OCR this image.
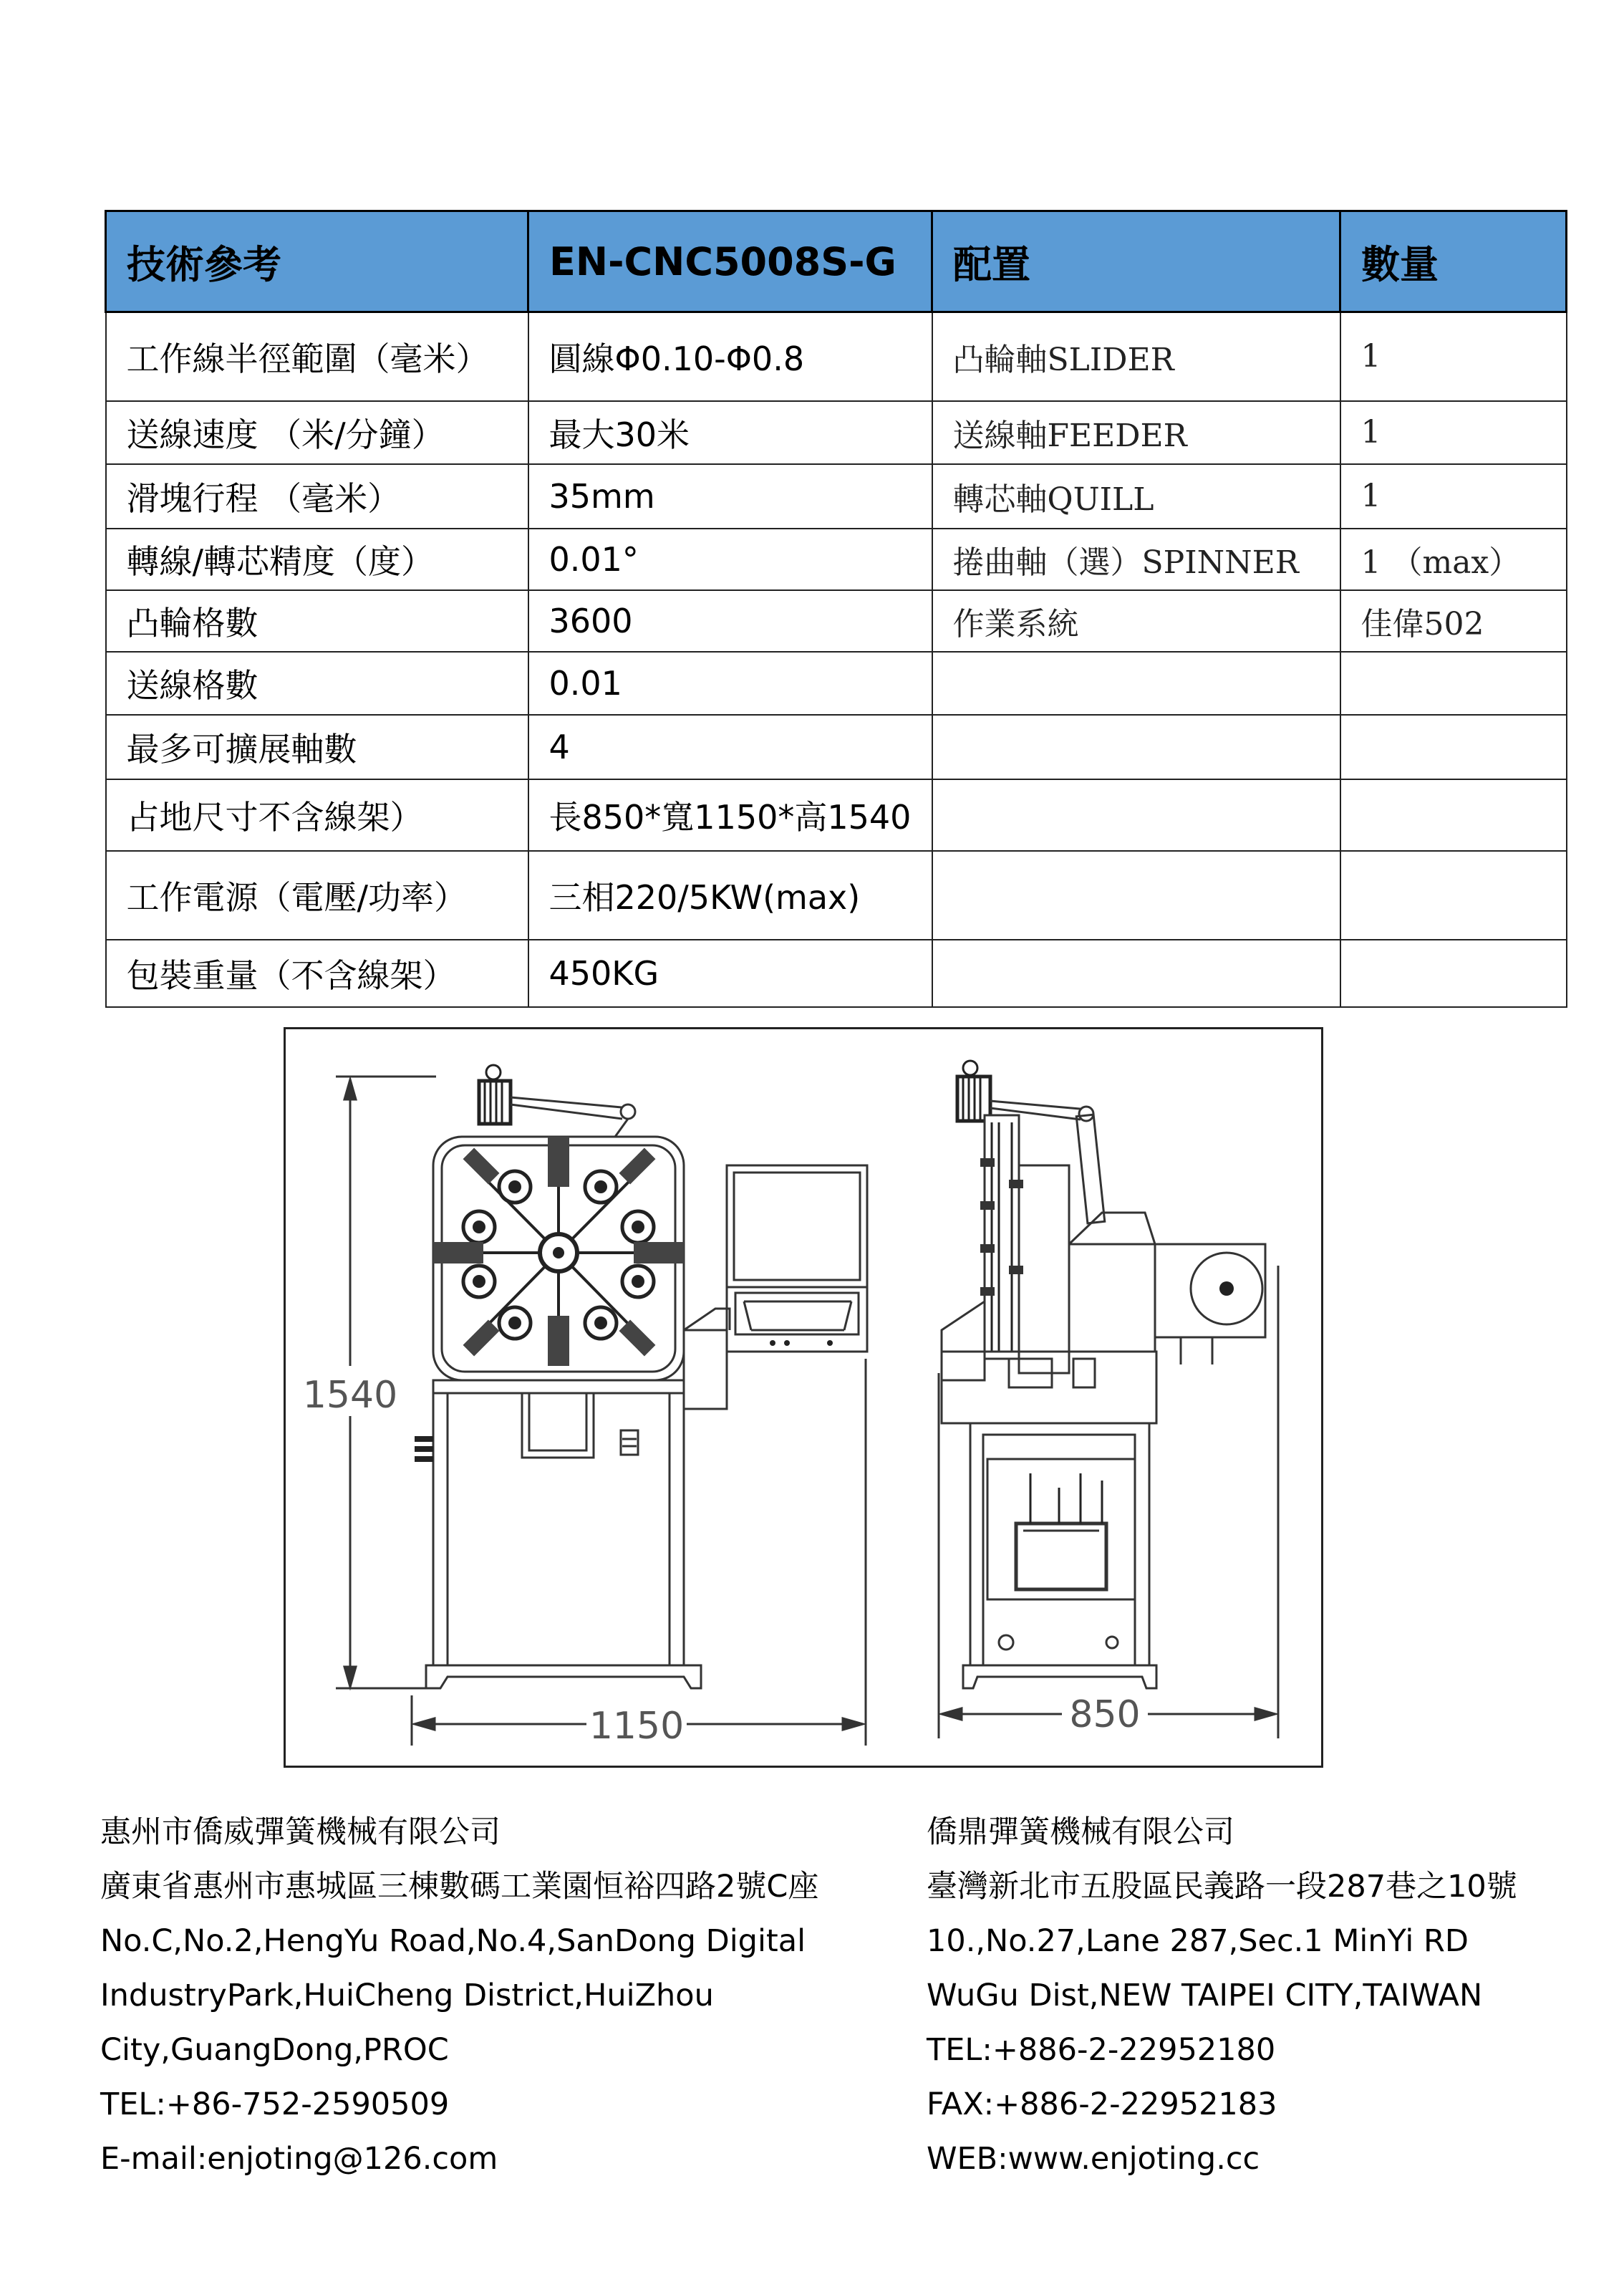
技術參考	EN-CNC5008S-G	配置	數量
工作線半徑範圍（毫米）	圓線Φ0.10-Φ0.8	凸輪軸SLIDER	1
送線速度 （米/分鐘）	最大30米	送線軸FEEDER	1
滑塊行程 （毫米）	35mm	轉芯軸QUILL	1
轉線/轉芯精度（度）	0.01°	捲曲軸（選）SPINNER	1 （max）
凸輪格數	3600	作業系統	佳偉502
送線格數	0.01		
最多可擴展軸數	4		
占地尺寸不含線架）	長850*寬1150*高1540		
工作電源（電壓/功率）	三相220/5KW(max)		
包裝重量（不含線架）	450KG		
1540
1150	850
惠州市僑威彈簧機械有限公司
廣東省惠州市惠城區三棟數碼工業園恒裕四路2號C座
No.C,No.2,HengYu Road,No.4,SanDong Digital
IndustryPark,HuiCheng District,HuiZhou
City,GuangDong,PROC
TEL:+86-752-2590509
E-mail:enjoting@126.com
僑鼎彈簧機械有限公司
臺灣新北市五股區民義路一段287巷之10號
10.,No.27,Lane 287,Sec.1 MinYi RD
WuGu Dist,NEW TAIPEI CITY,TAIWAN
TEL:+886-2-22952180
FAX:+886-2-22952183
WEB:www.enjoting.cc
